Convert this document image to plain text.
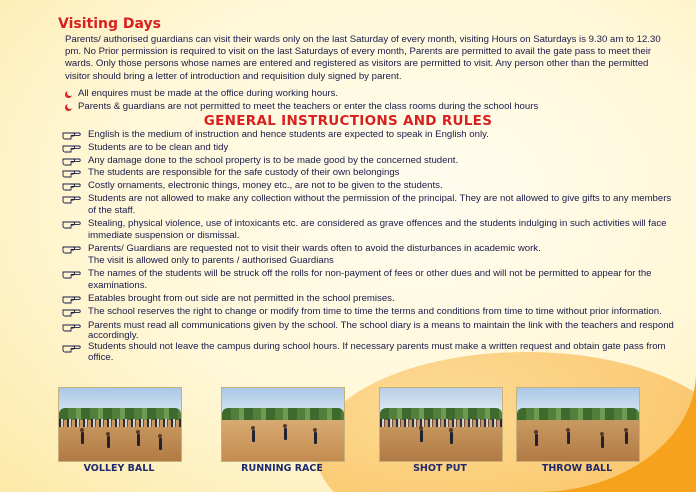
Visiting Days
Parents/ authorised guardians can visit their wards only on the last Saturday of every month, visiting Hours on Saturdays is 9.30 am to 12.30 pm. No Prior permission is required to visit on the last Saturdays of every month, Parents are permitted to avail the gate pass to meet their wards. Only those persons whose names are entered and registered as visitors are permitted to visit. Any person other than the permitted visitor should bring a letter of introduction and requisition duly signed by parent.
All enquires must be made at the office during working hours.
Parents & guardians are not permitted to meet the teachers or enter the class rooms during the school hours
GENERAL INSTRUCTIONS AND RULES
English is the medium of instruction and hence students are expected to speak in English only.
Students are to be clean and tidy
Any damage done to the school property is to be made good by the concerned student.
The students are responsible for the safe custody of their own belongings
Costly ornaments, electronic things, money etc., are not to be given to the students.
Students are not allowed to make any collection without the permission of the principal. They are not allowed to give gifts to any members of the staff.
Stealing, physical violence, use of intoxicants etc. are considered as grave offences and the students indulging in such activities will face immediate suspension or dismissal.
Parents/ Guardians are requested not to visit their wards often to avoid the disturbances in academic work.
The visit is allowed only to parents / authorised Guardians
The names of the students will be struck off the rolls for non-payment of fees or other dues and will not be permitted to appear for the examinations.
Eatables brought from out side are not permitted in the school premises.
The school reserves the right to change or modify from time to time the terms and conditions from time to time without prior information.
Parents must read all communications given by the school. The school diary is a means to maintain the link with the teachers and respond accordingly.
Students should not leave the campus during school hours. If necessary parents must make a written request and obtain gate pass from office.
VOLLEY BALL	RUNNING RACE	SHOT PUT	THROW BALL
